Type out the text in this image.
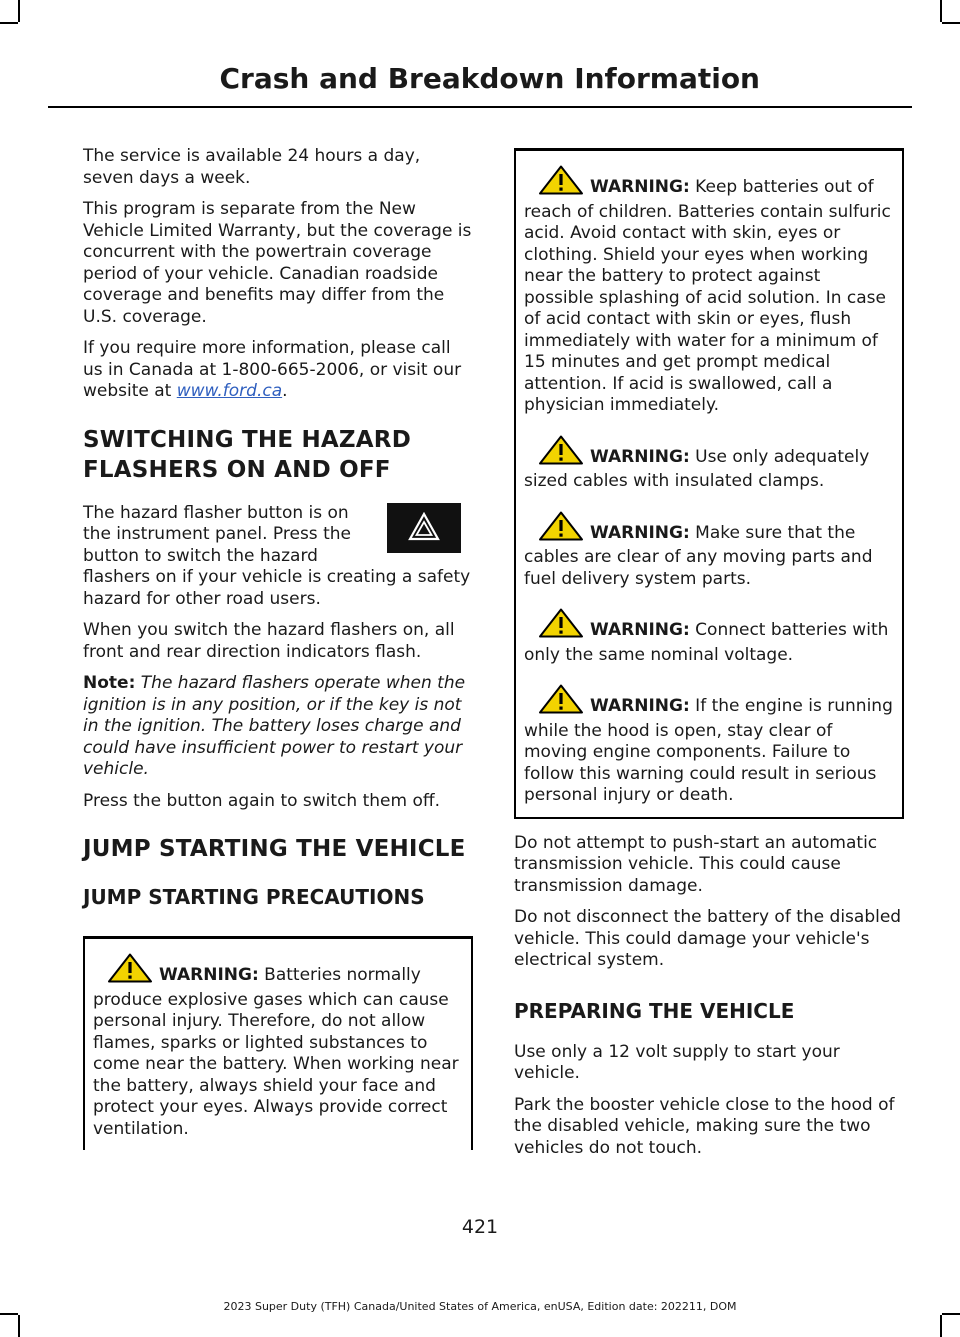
Crash and Breakdown Information

The service is available 24 hours a day, seven days a week.

This program is separate from the New Vehicle Limited Warranty, but the coverage is concurrent with the powertrain coverage period of your vehicle. Canadian roadside coverage and benefits may differ from the U.S. coverage.

If you require more information, please call us in Canada at 1-800-665-2006, or visit our website at www.ford.ca.

SWITCHING THE HAZARD FLASHERS ON AND OFF

The hazard flasher button is on the instrument panel. Press the button to switch the hazard flashers on if your vehicle is creating a safety hazard for other road users.

When you switch the hazard flashers on, all front and rear direction indicators flash.

Note: The hazard flashers operate when the ignition is in any position, or if the key is not in the ignition. The battery loses charge and could have insufficient power to restart your vehicle.

Press the button again to switch them off.

JUMP STARTING THE VEHICLE
JUMP STARTING PRECAUTIONS

WARNING: Batteries normally produce explosive gases which can cause personal injury. Therefore, do not allow flames, sparks or lighted substances to come near the battery. When working near the battery, always shield your face and protect your eyes. Always provide correct ventilation.

WARNING: Keep batteries out of reach of children. Batteries contain sulfuric acid. Avoid contact with skin, eyes or clothing. Shield your eyes when working near the battery to protect against possible splashing of acid solution. In case of acid contact with skin or eyes, flush immediately with water for a minimum of 15 minutes and get prompt medical attention. If acid is swallowed, call a physician immediately.

WARNING: Use only adequately sized cables with insulated clamps.

WARNING: Make sure that the cables are clear of any moving parts and fuel delivery system parts.

WARNING: Connect batteries with only the same nominal voltage.

WARNING: If the engine is running while the hood is open, stay clear of moving engine components. Failure to follow this warning could result in serious personal injury or death.

Do not attempt to push-start an automatic transmission vehicle. This could cause transmission damage.

Do not disconnect the battery of the disabled vehicle. This could damage your vehicle's electrical system.

PREPARING THE VEHICLE

Use only a 12 volt supply to start your vehicle.

Park the booster vehicle close to the hood of the disabled vehicle, making sure the two vehicles do not touch.

421
2023 Super Duty (TFH) Canada/United States of America, enUSA, Edition date: 202211, DOM
